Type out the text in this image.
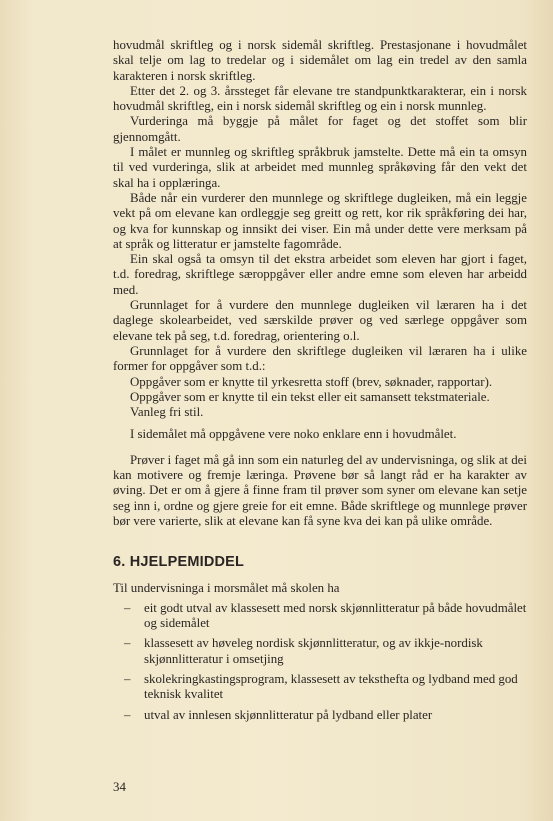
hovudmål skriftleg og i norsk sidemål skriftleg. Prestasjonane i hovudmålet skal telje om lag to tredelar og i sidemålet om lag ein tredel av den samla karakteren i norsk skriftleg.

Etter det 2. og 3. årssteget får elevane tre standpunktkarakterar, ein i norsk hovudmål skriftleg, ein i norsk sidemål skriftleg og ein i norsk munnleg.

Vurderinga må byggje på målet for faget og det stoffet som blir gjennomgått.

I målet er munnleg og skriftleg språkbruk jamstelte. Dette må ein ta omsyn til ved vurderinga, slik at arbeidet med munnleg språkøving får den vekt det skal ha i opplæringa.

Både når ein vurderer den munnlege og skriftlege dugleiken, må ein leggje vekt på om elevane kan ordleggje seg greitt og rett, kor rik språkføring dei har, og kva for kunnskap og innsikt dei viser. Ein må under dette vere merksam på at språk og litteratur er jamstelte fagområde.

Ein skal også ta omsyn til det ekstra arbeidet som eleven har gjort i faget, t.d. foredrag, skriftlege særoppgåver eller andre emne som eleven har arbeidd med.

Grunnlaget for å vurdere den munnlege dugleiken vil læraren ha i det daglege skolearbeidet, ved særskilde prøver og ved særlege oppgåver som elevane tek på seg, t.d. foredrag, orientering o.l.

Grunnlaget for å vurdere den skriftlege dugleiken vil læraren ha i ulike former for oppgåver som t.d.:

Oppgåver som er knytte til yrkesretta stoff (brev, søknader, rapportar).
Oppgåver som er knytte til ein tekst eller eit samansett tekstmateriale.
Vanleg fri stil.

I sidemålet må oppgåvene vere noko enklare enn i hovudmålet.

Prøver i faget må gå inn som ein naturleg del av undervisninga, og slik at dei kan motivere og fremje læringa. Prøvene bør så langt råd er ha karakter av øving. Det er om å gjere å finne fram til prøver som syner om elevane kan setje seg inn i, ordne og gjere greie for eit emne. Både skriftlege og munnlege prøver bør vere varierte, slik at elevane kan få syne kva dei kan på ulike område.

6. HJELPEMIDDEL

Til undervisninga i morsmålet må skolen ha

– eit godt utval av klassesett med norsk skjønnlitteratur på både hovudmålet og sidemålet
– klassesett av høveleg nordisk skjønnlitteratur, og av ikkje-nordisk skjønnlitteratur i omsetjing
– skolekringkastingsprogram, klassesett av teksthefta og lydband med god teknisk kvalitet
– utval av innlesen skjønnlitteratur på lydband eller plater
34
